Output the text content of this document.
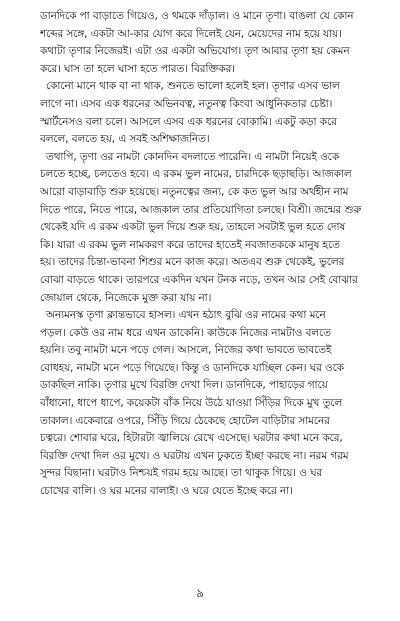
ডানদিকে পা বাড়াতে গিয়েও, ও থমকে দাঁড়াল। ও মানে তৃণা। বাঙলা যে কোন
শব্দের সঙ্গে, একটা আ-কার যোগ করে দিলেই যেন, মেয়েদের নাম হয়ে যায়।
কথাটা তৃণার নিজেরই। এটা ওর একটা অভিযোগ। তৃণ আবার তৃণা হয় কেমন
করে। ঘাস তা হলে ঘাসা হতে পারত। বিরক্তিকর।
কোনো মানে থাক বা না থাক, শুনতে ভালো হলেই হল। তৃণার এসব ভাল
লাগে না। এসব এক ধরনের অভিনবত্ব, নতুনত্ব কিংবা আধুনিকতার চেষ্টা।
স্মার্টনেসও বলা চলে। আসলে এসব এক ধরনের বোকামি। একটু কড়া করে
বললে, বলতে হয়, এ সবই অশিক্ষাজনিত।
তথাপি, তৃণা ওর নামটা কোনদিন বদলাতে পারেনি। এ নামটা নিয়েই ওকে
চলতে হচ্ছে, চলতেও হবে। এ রকম ভুল নামের, চারদিকে ছড়াছড়ি। আজকাল
আরো বাড়াবাড়ি শুরু হয়েছে। নতুনত্বের জন্য, কে কত ভুল আর অর্থহীন নাম
দিতে পারে, নিতে পারে, আজকাল তার প্রতিযোগিতা চলছে। বিশ্রী। জন্মের শুরু
থেকেই যদি এ রকম একটা ভুল দিয়ে শুরু হয়, তাহলে সবটাই ভুল হতে দোষ
কি। যারা এ রকম ভুল নামকরণ করে তাদের হাতেই নবজাতককে মানুষ হতে
হয়। তাদের চিন্তা-ভাবনা শিশুর মনে কাজ করে। অতএব শুরু থেকেই, ভুলের
বোঝা বাড়তে থাকে। তারপরে একদিন যখন টনক নড়ে, তখন আর সেই বোঝার
জোয়াল থেকে, নিজেকে মুক্ত করা যায় না।
অন্যমনস্ক তৃণা ক্লান্তভাবে হাসল। এখন হঠাৎ বুঝি ওর নামের কথা মনে
পড়ল। কেউ ওর নাম ধরে এখন ডাকেনি। কাউকে নিজের নামটাও বলতে
হয়নি। তবু নামটা মনে পড়ে গেল। আসলে, নিজের কথা ভাবতে ভাবতেই
বোধহয়, নামটা মনে পড়ে গিয়েছে। কিন্তু ও ডানদিকে যাচ্ছিল কেন। ঘর ওকে
ডাকছিল নাকি। তৃণার মুখে বিরক্তি দেখা দিল। ডানদিকে, পাহাড়ের গায়ে
বাঁধানো, ধাপে ধাপে, কয়েকটা বাঁক নিয়ে উঠে যাওয়া সিঁড়ির দিকে মুখ তুলে
তাকাল। একেবারে ওপরে, সিঁড়ি গিয়ে ঠেকেছে হোটেল বাড়িটার সামনের
চত্বরে। শোবার ঘরে, হিটারটা জ্বালিয়ে রেখে এসেছে। ঘরটার কথা মনে করে,
বিরক্তি দেখা দিল ওর মুখে। ও ঘরটায় এখন ঢুকতে ইচ্ছা করছে না। নরম গরম
সুন্দর বিছানা। ঘরটাও নিশ্চয়ই গরম হয়ে আছে। তা থাকুক গিয়ে। ও ঘর
চোখের বালি। ও ঘর মনের বালাই। ও ঘরে যেতে ইচ্ছে করে না।
৯
